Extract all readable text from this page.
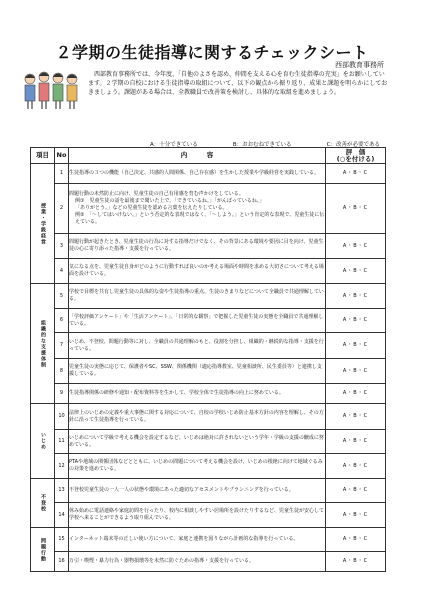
２学期の生徒指導に関するチェックシート
西部教育事務所
西部教育事務所では、今年度、「自他のよさを認め、仲間を支える心を育む生徒指導の充実」をお願いしています。２学期の自校における生徒指導の取組について、以下の観点から振り返り、成果と課題を明らかにしておきましょう。課題がある場合は、全教職員で改善策を検討し、具体的な取組を進めましょう。
A：十分できている	B：おおむねできている	C：改善が必要である
項目	No	内　　　容	評　価
(○を付ける)
授業・学級経営	1	生徒指導の３つの機能（自己決定、共感的人間関係、自己存在感）を生かした授業や学級経営を実践している。	A・B・C
	2	問題行動の未然防止に向け、児童生徒の自己有用感を育む声かけをしている。
例①　児童生徒の話を最後まで聞いた上で、「できているね。」「がんばっているね。」
「ありがとう。」などの児童生徒を認める言葉を伝えたりしている。
例②　「～してはいけない。」という否定的な表現ではなく、「～しよう。」という肯定的な表現で、児童生徒に伝えている。	A・B・C
	3	問題行動が起きたとき、児童生徒の行為に対する指導だけでなく、その背景にある環境や要因に目を向け、児童生徒の心に寄り添った指導・支援を行っている。	A・B・C
	4	気になる点を、児童生徒自身がどのように行動すれば良いのか考える場面や時間を求める大切さについて考える場面を設けている。	A・B・C
組織的な支援体制	5	学校で目標を共有し児童生徒の具体的な姿や生徒指導の重点、生徒のきまりなどについて全職員で共通理解している。	A・B・C
	6	「学校評価アンケート」や「生活アンケート」、「日常的な観察」で把握した児童生徒の実態を全職員で共通理解している。	A・B・C
	7	いじめ、不登校、問題行動等に対し、全職員の共通理解のもと、役割を分担し、組織的・継続的な指導・支援を行っている。	A・B・C
	8	児童生徒の実態に応じて、保護者やSC、SSW、関係機関（適応指導教室、児童相談所、民生委員等）と連携し支援している。	A・B・C
	9	生徒指導関係の研修や通知・配布資料等を生かして、学校全体で生徒指導の向上に努めている。	A・B・C
いじめ	10	法律上のいじめの定義や重大事態に関する対応について、自校の学校いじめ防止基本方針の内容を理解し、その方針に沿って生徒指導を行っている。	A・B・C
	11	いじめについて学級で考える機会を設定するなど、いじめは絶対に許されないという学年・学級の支援の醸成に努めている。	A・B・C
	12	PTAや地域の関係団体などとともに、いじめの問題について考える機会を設け、いじめの根絶に向けて地域ぐるみの対策を進めている。	A・B・C
不登校	13	不登校児童生徒の一人一人の状態や環境にあった適切なアセスメントやプランニングを行っている。	A・B・C
	14	休み始めに電話連絡や家庭訪問を行ったり、校内に相談しやすい居場所を設けたりするなど、児童生徒が安心して学校へ来ることができるよう取り組んでいる。	A・B・C
問題行動	15	インターネット端末等の正しい使い方について、家庭と連携を図りながら計画的な指導を行っている。	A・B・C
	16	万引・喫煙・暴力行為・器物損壊等を未然に防ぐための指導・支援を行っている。	A・B・C
